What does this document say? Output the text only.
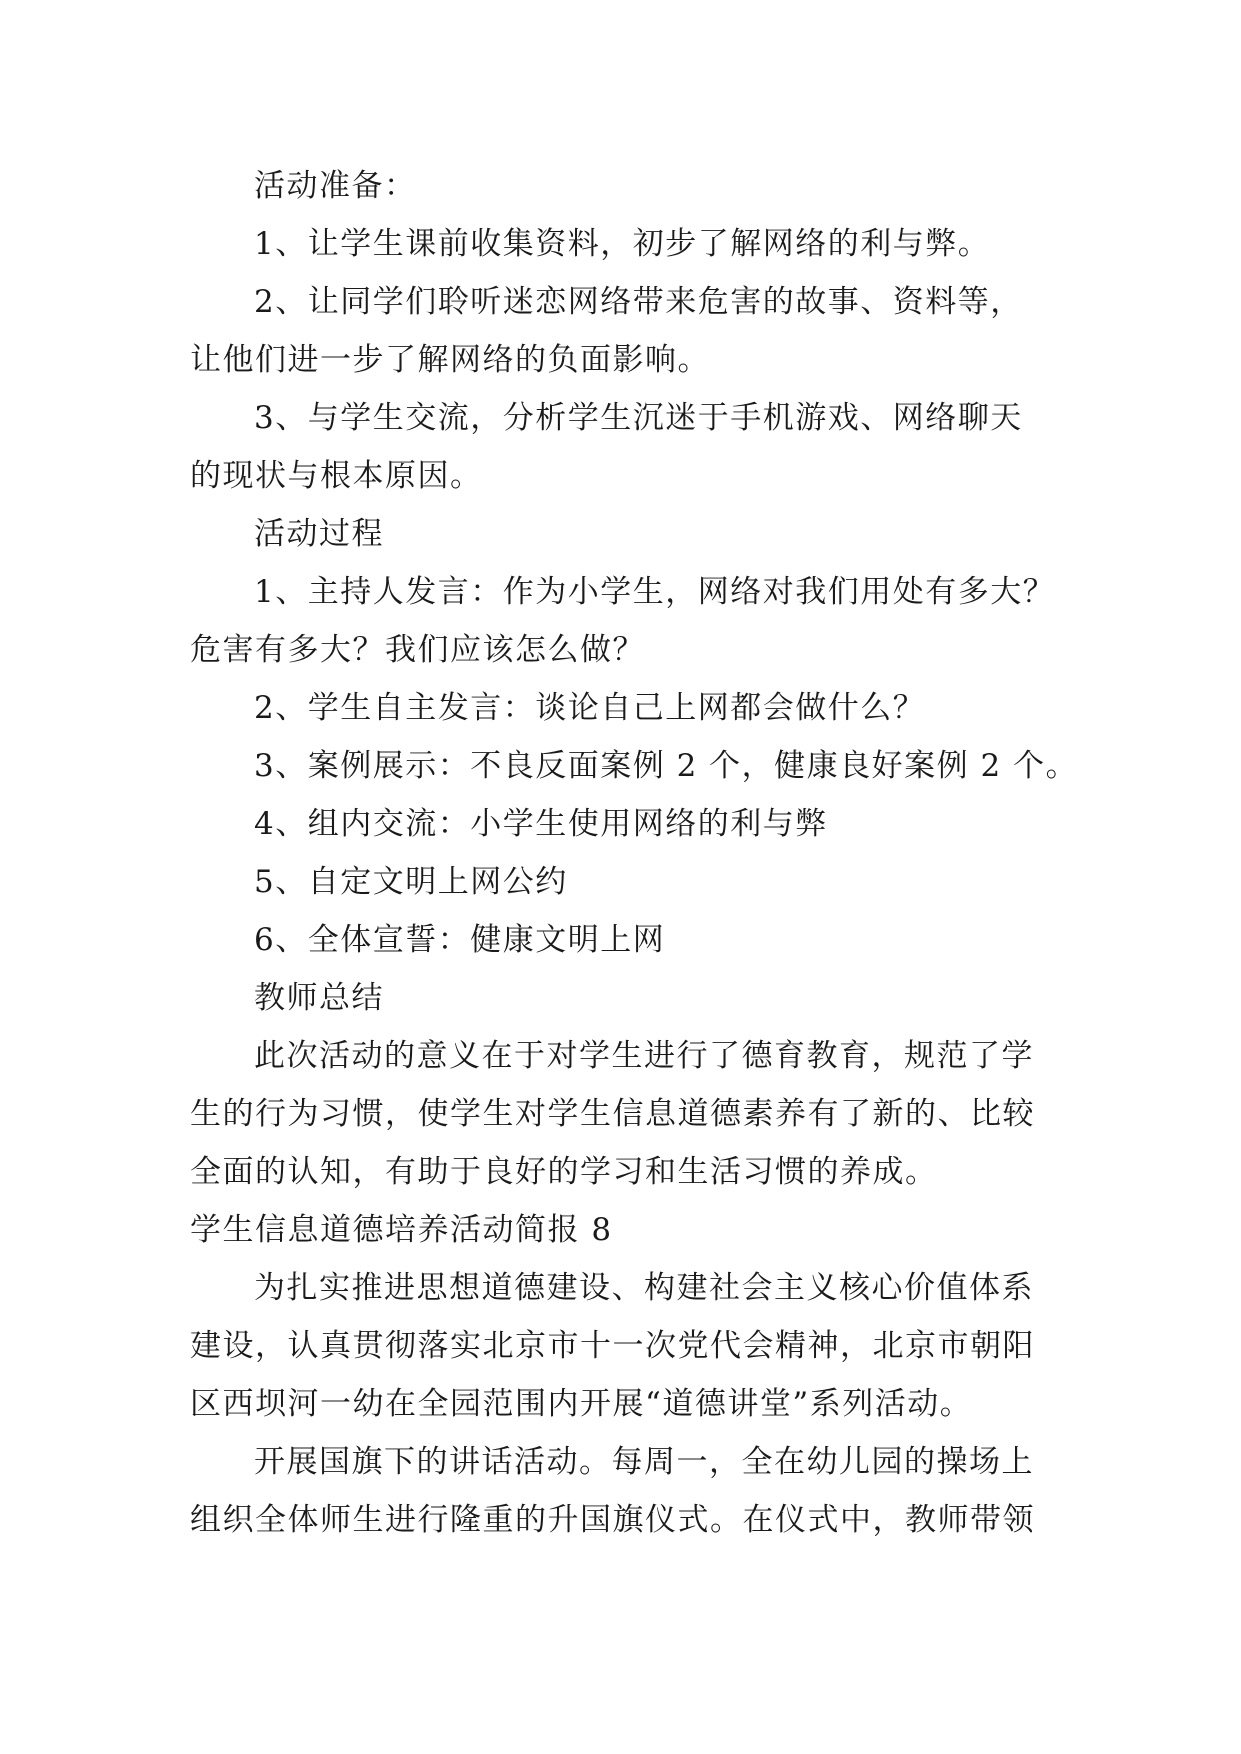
活动准备：
1、让学生课前收集资料，初步了解网络的利与弊。
2、让同学们聆听迷恋网络带来危害的故事、资料等，
让他们进一步了解网络的负面影响。
3、与学生交流，分析学生沉迷于手机游戏、网络聊天
的现状与根本原因。
活动过程
1、主持人发言：作为小学生，网络对我们用处有多大？
危害有多大？我们应该怎么做？
2、学生自主发言：谈论自己上网都会做什么？
3、案例展示：不良反面案例 2 个，健康良好案例 2 个。
4、组内交流：小学生使用网络的利与弊
5、自定文明上网公约
6、全体宣誓：健康文明上网
教师总结
此次活动的意义在于对学生进行了德育教育，规范了学
生的行为习惯，使学生对学生信息道德素养有了新的、比较
全面的认知，有助于良好的学习和生活习惯的养成。
学生信息道德培养活动简报 8
为扎实推进思想道德建设、构建社会主义核心价值体系
建设，认真贯彻落实北京市十一次党代会精神，北京市朝阳
区西坝河一幼在全园范围内开展“道德讲堂”系列活动。
开展国旗下的讲话活动。每周一，全在幼儿园的操场上
组织全体师生进行隆重的升国旗仪式。在仪式中，教师带领
